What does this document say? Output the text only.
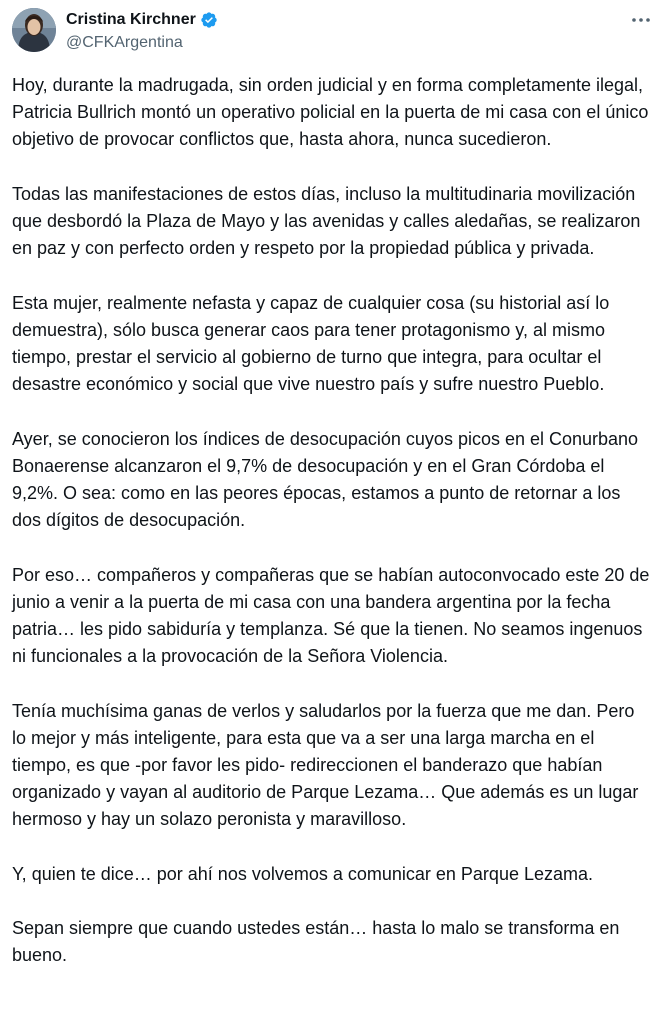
Cristina Kirchner
@CFKArgentina

Hoy, durante la madrugada, sin orden judicial y en forma completamente ilegal, Patricia Bullrich montó un operativo policial en la puerta de mi casa con el único objetivo de provocar conflictos que, hasta ahora, nunca sucedieron.

Todas las manifestaciones de estos días, incluso la multitudinaria movilización que desbordó la Plaza de Mayo y las avenidas y calles aledañas, se realizaron en paz y con perfecto orden y respeto por la propiedad pública y privada.

Esta mujer, realmente nefasta y capaz de cualquier cosa (su historial así lo demuestra), sólo busca generar caos para tener protagonismo y, al mismo tiempo, prestar el servicio al gobierno de turno que integra, para ocultar el desastre económico y social que vive nuestro país y sufre nuestro Pueblo.

Ayer, se conocieron los índices de desocupación cuyos picos en el Conurbano Bonaerense alcanzaron el 9,7% de desocupación y en el Gran Córdoba el 9,2%. O sea: como en las peores épocas, estamos a punto de retornar a los dos dígitos de desocupación.

Por eso… compañeros y compañeras que se habían autoconvocado este 20 de junio a venir a la puerta de mi casa con una bandera argentina por la fecha patria… les pido sabiduría y templanza. Sé que la tienen. No seamos ingenuos ni funcionales a la provocación de la Señora Violencia.

Tenía muchísima ganas de verlos y saludarlos por la fuerza que me dan. Pero lo mejor y más inteligente, para esta que va a ser una larga marcha en el tiempo, es que -por favor les pido- redireccionen el banderazo que habían organizado y vayan al auditorio de Parque Lezama… Que además es un lugar hermoso y hay un solazo peronista y maravilloso.

Y, quien te dice… por ahí nos volvemos a comunicar en Parque Lezama.

Sepan siempre que cuando ustedes están… hasta lo malo se transforma en bueno.
